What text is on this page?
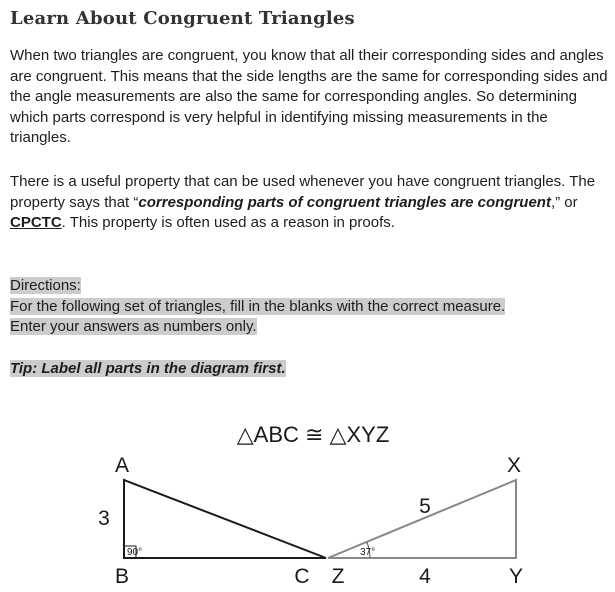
Learn About Congruent Triangles

When two triangles are congruent, you know that all their corresponding sides and angles are congruent. This means that the side lengths are the same for corresponding sides and the angle measurements are also the same for corresponding angles. So determining which parts correspond is very helpful in identifying missing measurements in the triangles.

There is a useful property that can be used whenever you have congruent triangles. The property says that “corresponding parts of congruent triangles are congruent,” or CPCTC. This property is often used as a reason in proofs.

Directions:
For the following set of triangles, fill in the blanks with the correct measure.
Enter your answers as numbers only.
Tip: Label all parts in the diagram first.
△ABC ≅ △XYZ
90°
A
B	C
3
37°
X
Y
Z
5
4
